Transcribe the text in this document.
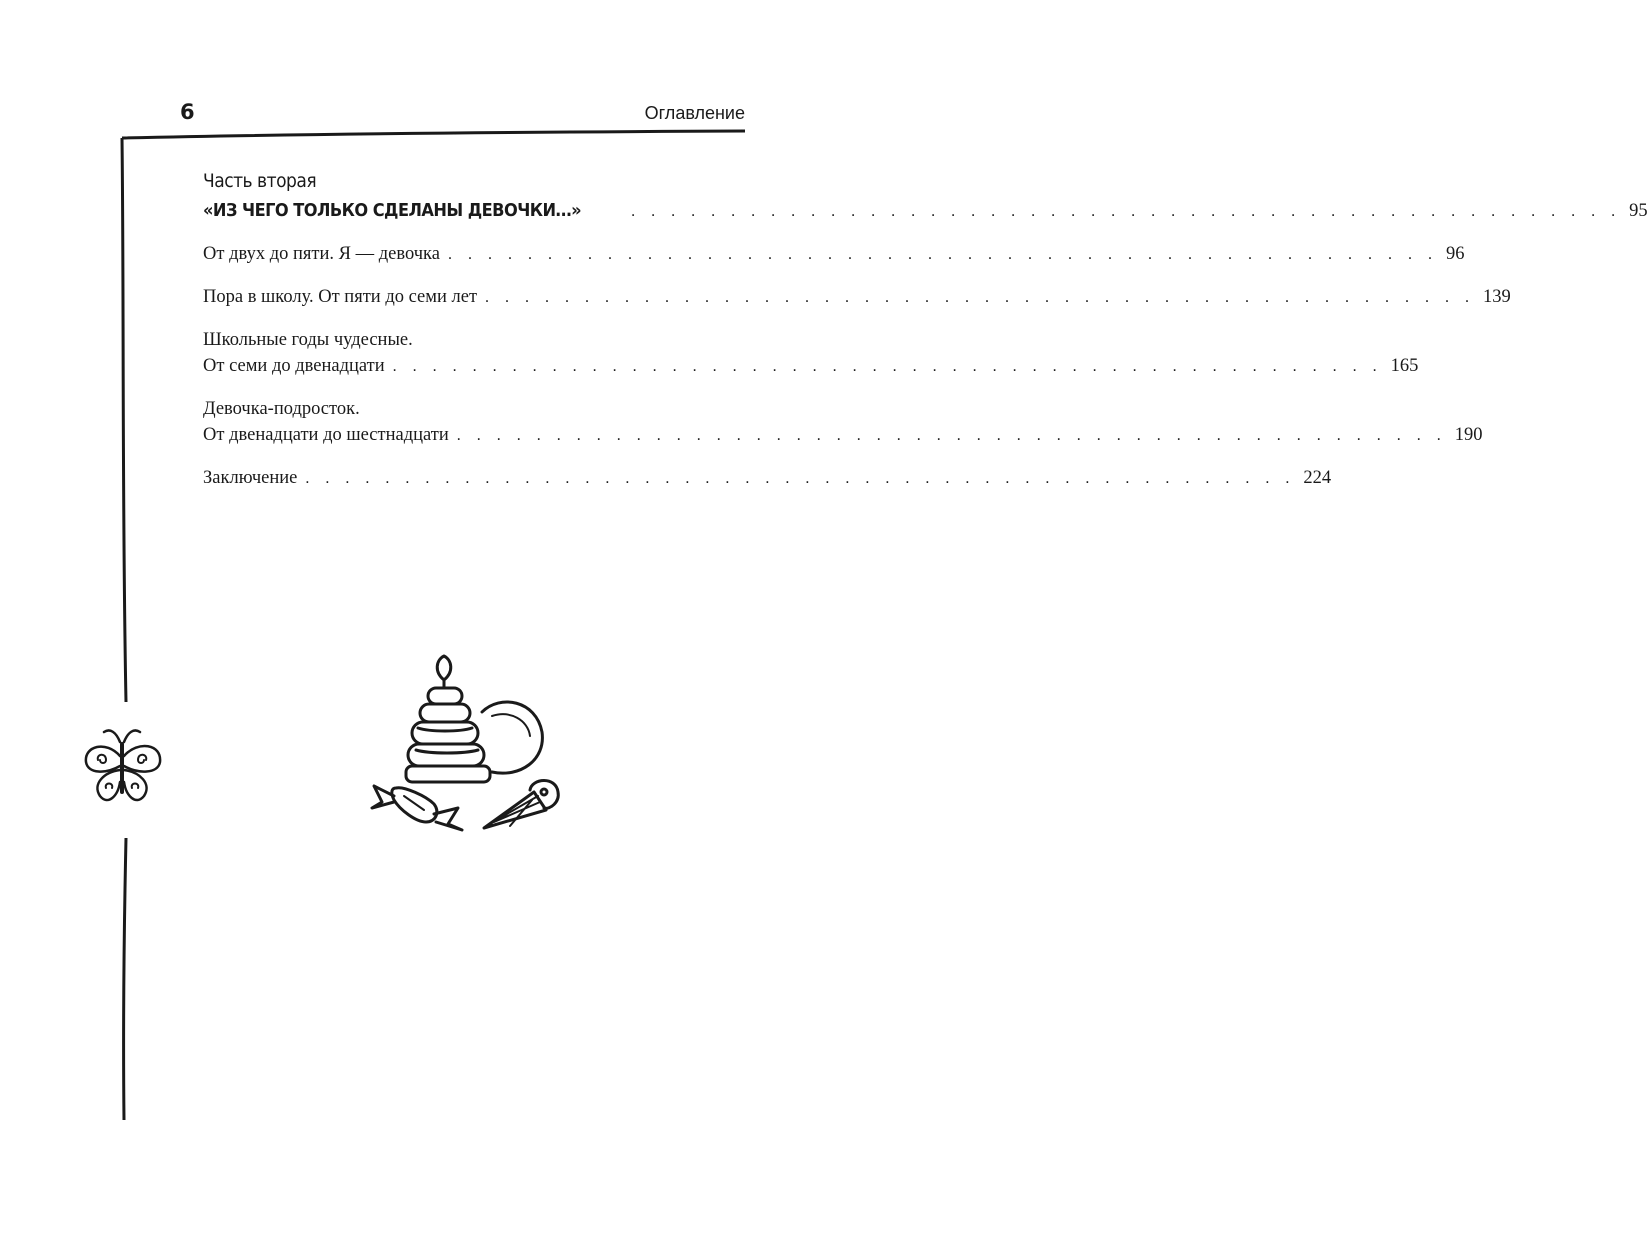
6	Оглавление
Часть вторая
«ИЗ ЧЕГО ТОЛЬКО СДЕЛАНЫ ДЕВОЧКИ…»	. . . . . . . . . . . . . . . . . . . . . . . . . . . . . . . . . . . . . . . . . . . . . . . . . . 95
От двух до пяти. Я — девочка . . . . . . . . . . . . . . . . . . . . . . . . . . . . . . . . . . . . . . . . . . . . . . . . . . 96
Пора в школу. От пяти до семи лет . . . . . . . . . . . . . . . . . . . . . . . . . . . . . . . . . . . . . . . . . . . . . . . . . . 139
Школьные годы чудесные.
От семи до двенадцати . . . . . . . . . . . . . . . . . . . . . . . . . . . . . . . . . . . . . . . . . . . . . . . . . . 165
Девочка-подросток.
От двенадцати до шестнадцати . . . . . . . . . . . . . . . . . . . . . . . . . . . . . . . . . . . . . . . . . . . . . . . . . . 190
Заключение . . . . . . . . . . . . . . . . . . . . . . . . . . . . . . . . . . . . . . . . . . . . . . . . . . 224
